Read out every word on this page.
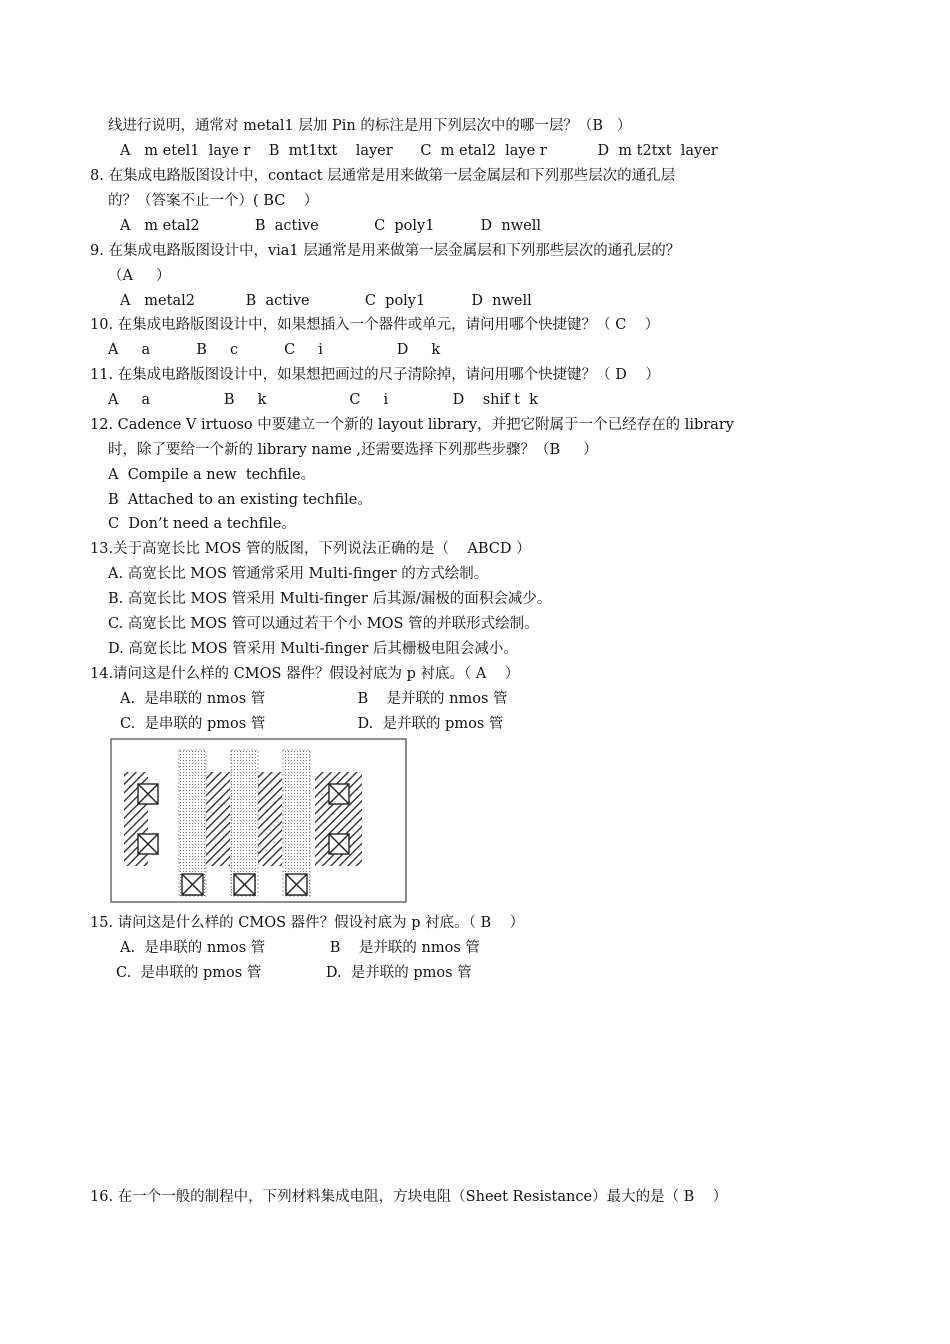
线进行说明，通常对 metal1 层加 Pin 的标注是用下列层次中的哪一层？（B   ）
A   m etel1  laye r    B  mt1txt    layer      C  m etal2  laye r           D  m t2txt  layer
8. 在集成电路版图设计中，contact 层通常是用来做第一层金属层和下列那些层次的通孔层
的？（答案不止一个）( BC    ）
A   m etal2            B  active            C  poly1          D  nwell
9. 在集成电路版图设计中，via1 层通常是用来做第一层金属层和下列那些层次的通孔层的？
（A     ）
A   metal2           B  active            C  poly1          D  nwell
10. 在集成电路版图设计中，如果想插入一个器件或单元，请问用哪个快捷键？（ C    ）
A     a          B     c          C     i                D     k
11. 在集成电路版图设计中，如果想把画过的尺子清除掉，请问用哪个快捷键？（ D    ）
A     a                B     k                  C     i              D    shif t  k
12. Cadence V irtuoso 中要建立一个新的 layout library，并把它附属于一个已经存在的 library
时，除了要给一个新的 library name ,还需要选择下列那些步骤？（B     ）
A  Compile a new  techfile。
B  Attached to an existing techfile。
C  Don’t need a techfile。
13.关于高宽长比 MOS 管的版图，下列说法正确的是（    ABCD ）
A. 高宽长比 MOS 管通常采用 Multi-finger 的方式绘制。
B. 高宽长比 MOS 管采用 Multi-finger 后其源/漏极的面积会减少。
C. 高宽长比 MOS 管可以通过若干个小 MOS 管的并联形式绘制。
D. 高宽长比 MOS 管采用 Multi-finger 后其栅极电阻会减小。
14.请问这是什么样的 CMOS 器件？假设衬底为 p 衬底。（ A    ）
A.  是串联的 nmos 管                    B    是并联的 nmos 管
C.  是串联的 pmos 管                    D.  是并联的 pmos 管
15. 请问这是什么样的 CMOS 器件？假设衬底为 p 衬底。（ B    ）
A.  是串联的 nmos 管              B    是并联的 nmos 管
C.  是串联的 pmos 管              D.  是并联的 pmos 管
16. 在一个一般的制程中，下列材料集成电阻，方块电阻（Sheet Resistance）最大的是（ B    ）
